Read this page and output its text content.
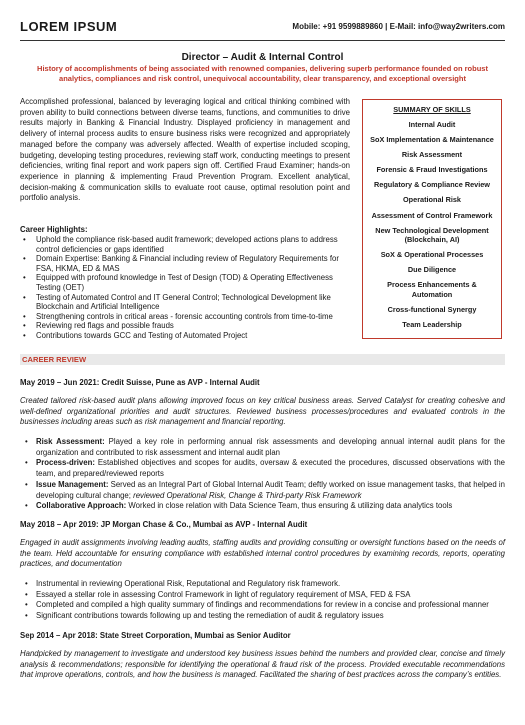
LOREM IPSUM	Mobile: +91 9599889860 | E-Mail: info@way2writers.com
Director – Audit & Internal Control
History of accomplishments of being associated with renowned companies, delivering superb performance founded on robust analytics, compliances and risk control, unequivocal accountability, clear transparency, and exceptional oversight
Accomplished professional, balanced by leveraging logical and critical thinking combined with proven ability to build connections between diverse teams, functions, and communities to drive results majorly in Banking & Financial Industry. Displayed proficiency in management and delivery of internal process audits to ensure business risks were recognized and appropriately managed before the company was adversely affected. Wealth of expertise included scoping, budgeting, developing testing procedures, reviewing staff work, conducting meetings to present deficiencies, writing final report and work papers sign off. Certified Fraud Examiner; hands-on experience in planning & implementing Fraud Prevention Program. Excellent analytical, decision-making & communication skills to evaluate root cause, optimal resolution point and portfolio analysis.
SUMMARY OF SKILLS
Internal Audit
SoX Implementation & Maintenance
Risk Assessment
Forensic & Fraud Investigations
Regulatory & Compliance Review
Operational Risk
Assessment of Control Framework
New Technological Development (Blockchain, AI)
SoX & Operational Processes
Due Diligence
Process Enhancements & Automation
Cross-functional Synergy
Team Leadership
Career Highlights:
• Uphold the compliance risk-based audit framework; developed actions plans to address control deficiencies or gaps identified
• Domain Expertise: Banking & Financial including review of Regulatory Requirements for FSA, HKMA, ED & MAS
• Equipped with profound knowledge in Test of Design (TOD) & Operating Effectiveness Testing (OET)
• Testing of Automated Control and IT General Control; Technological Development like Blockchain and Artificial Intelligence
• Strengthening controls in critical areas - forensic accounting controls from time-to-time
• Reviewing red flags and possible frauds
• Contributions towards GCC and Testing of Automated Project
CAREER REVIEW
May 2019 – Jun 2021: Credit Suisse, Pune as AVP - Internal Audit
Created tailored risk-based audit plans allowing improved focus on key critical business areas. Served Catalyst for creating cohesive and well-defined organizational priorities and audit structures. Reviewed business processes/procedures and evaluated controls in the businesses including areas such as risk management and financial reporting.
• Risk Assessment: Played a key role in performing annual risk assessments and developing annual internal audit plans for the organization and contributed to risk assessment and internal audit plan
• Process-driven: Established objectives and scopes for audits, oversaw & executed the procedures, discussed observations with the team, and prepared/reviewed reports
• Issue Management: Served as an Integral Part of Global Internal Audit Team; deftly worked on issue management tasks, that helped in developing cultural change; reviewed Operational Risk, Change & Third-party Risk Framework
• Collaborative Approach: Worked in close relation with Data Science Team, thus ensuring & utilizing data analytics tools
May 2018 – Apr 2019: JP Morgan Chase & Co., Mumbai as AVP - Internal Audit
Engaged in audit assignments involving leading audits, staffing audits and providing consulting or oversight functions based on the needs of the team. Held accountable for ensuring compliance with established internal control procedures by examining records, reports, operating practices, and documentation
• Instrumental in reviewing Operational Risk, Reputational and Regulatory risk framework.
• Essayed a stellar role in assessing Control Framework in light of regulatory requirement of MSA, FED & FSA
• Completed and compiled a high quality summary of findings and recommendations for review in a concise and professional manner
• Significant contributions towards following up and testing the remediation of audit & regulatory issues
Sep 2014 – Apr 2018: State Street Corporation, Mumbai as Senior Auditor
Handpicked by management to investigate and understood key business issues behind the numbers and provided clear, concise and timely analysis & recommendations; responsible for identifying the operational & fraud risk of the process. Provided executable recommendations that improve operations, controls, and how the business is managed. Facilitated the sharing of best practices across the company’s entities.
